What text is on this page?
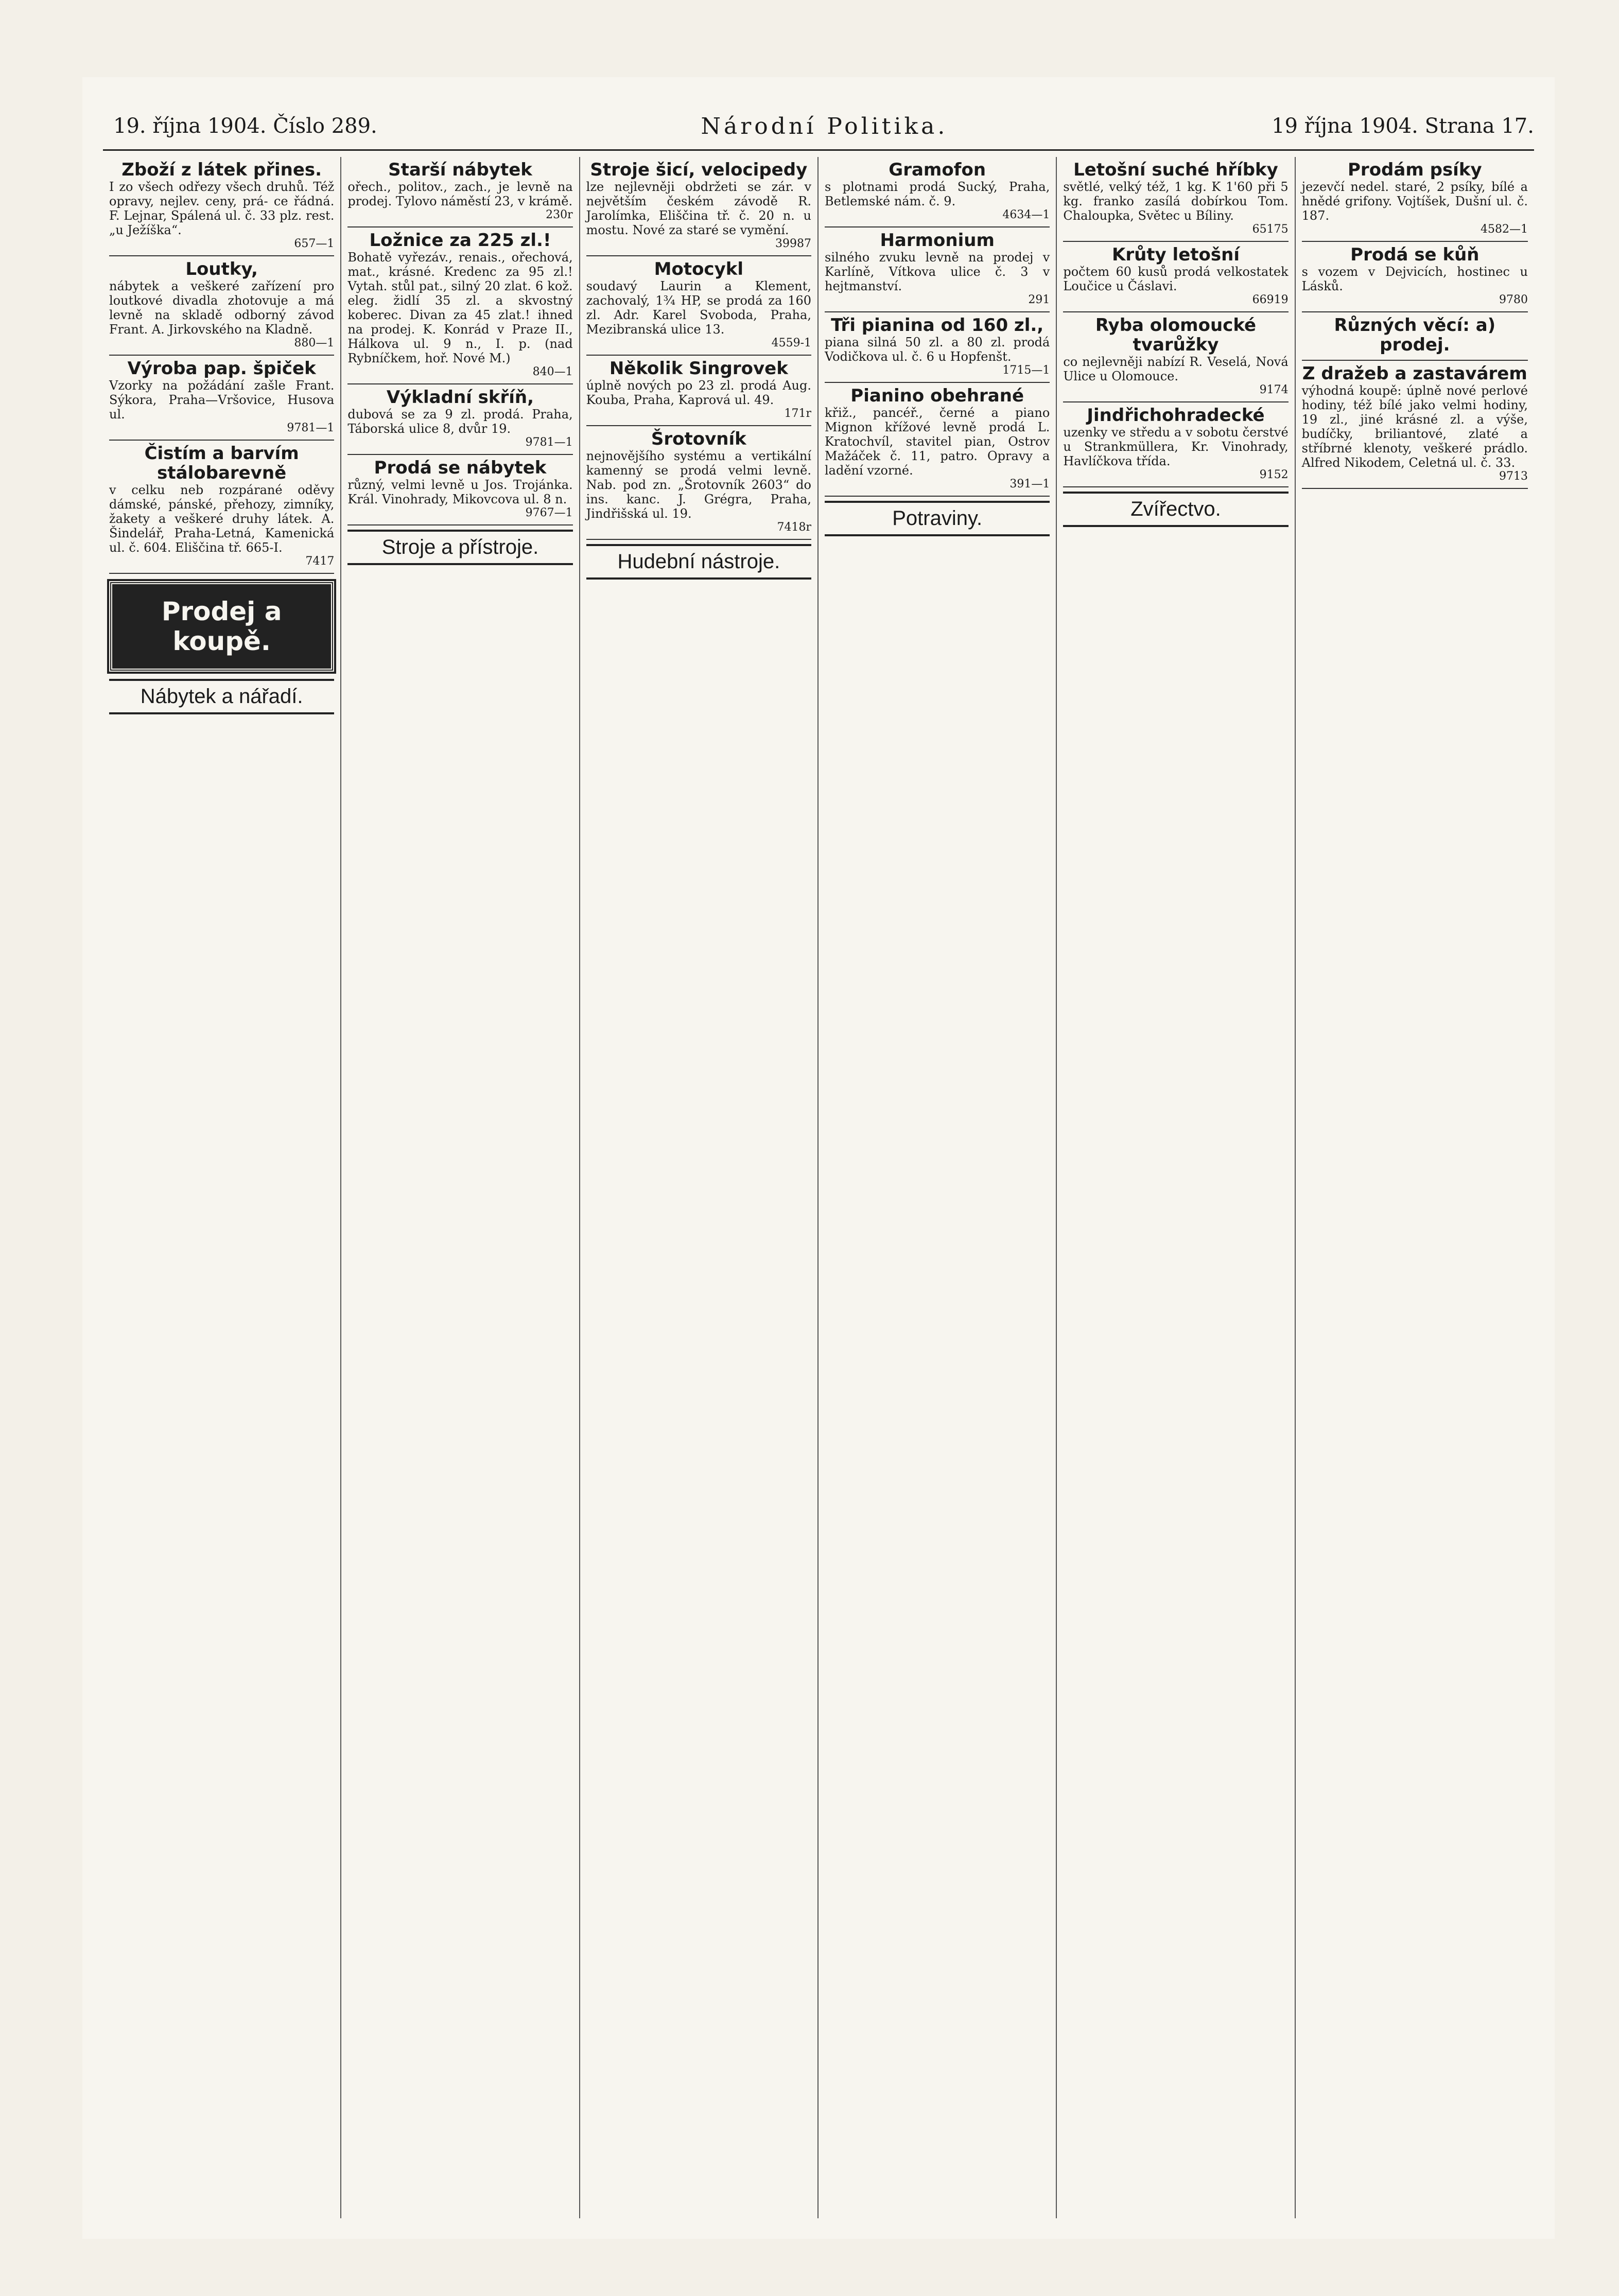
19. října 1904. Číslo 289.	Národní Politika.	19 října 1904. Strana 17.
Zboží z látek přines.
I zo všech odřezy všech druhů. Též opravy, nejlev. ceny, prá- ce řádná. F. Lejnar, Spálená ul. č. 33 plz. rest. „u Ježíška“.
657—1
Loutky,
nábytek a veškeré zařízení pro loutkové divadla zhotovuje a má levně na skladě odborný závod Frant. A. Jirkovského na Kladně.
880—1
Výroba pap. špiček
Vzorky na požádání zašle Frant. Sýkora, Praha—Vršovice, Husova ul.
9781—1
Čistím a barvím stálobarevně
v celku neb rozpárané oděvy dámské, pánské, přehozy, zimníky, žakety a veškeré druhy látek. A. Šindelář, Praha-Letná, Kamenická ul. č. 604. Eliščina tř. 665-I.
7417
Prodej a koupě.
Nábytek a nářadí.
Starší nábytek
ořech., politov., zach., je levně na prodej. Tylovo náměstí 23, v krámě.
230r
Ložnice za 225 zl.!
Bohatě vyřezáv., renais., ořechová, mat., krásné. Kredenc za 95 zl.! Vytah. stůl pat., silný 20 zlat. 6 kož. eleg. židlí 35 zl. a skvostný koberec. Divan za 45 zlat.! ihned na prodej. K. Konrád v Praze II., Hálkova ul. 9 n., I. p. (nad Rybníčkem, hoř. Nové M.)
840—1
Výkladní skříň,
dubová se za 9 zl. prodá. Praha, Táborská ulice 8, dvůr 19.
9781—1
Prodá se nábytek
různý, velmi levně u Jos. Trojánka. Král. Vinohrady, Mikovcova ul. 8 n.
9767—1
Stroje a přístroje.
Stroje šicí, velocipedy
lze nejlevněji obdržeti se zár. v největším českém závodě R. Jarolímka, Eliščina tř. č. 20 n. u mostu. Nové za staré se vymění.
39987
Motocykl
soudavý Laurin a Klement, zachovalý, 1¾ HP, se prodá za 160 zl. Adr. Karel Svoboda, Praha, Mezibranská ulice 13.
4559-1
Několik Singrovek
úplně nových po 23 zl. prodá Aug. Kouba, Praha, Kaprová ul. 49.
171r
Šrotovník
nejnovějšího systému a vertikální kamenný se prodá velmi levně. Nab. pod zn. „Šrotovník 2603“ do ins. kanc. J. Grégra, Praha, Jindřišská ul. 19.
7418r
Hudební nástroje.
Gramofon
s plotnami prodá Sucký, Praha, Betlemské nám. č. 9.
4634—1
Harmonium
silného zvuku levně na prodej v Karlíně, Vítkova ulice č. 3 v hejtmanství.
291
Tři pianina od 160 zl.,
piana silná 50 zl. a 80 zl. prodá Vodičkova ul. č. 6 u Hopfenšt.
1715—1
Pianino obehrané
křiž., pancéř., černé a piano Mignon křížové levně prodá L. Kratochvíl, stavitel pian, Ostrov Mažáček č. 11, patro. Opravy a ladění vzorné.
391—1
Potraviny.
Letošní suché hříbky
světlé, velký též, 1 kg. K 1'60 při 5 kg. franko zasílá dobírkou Tom. Chaloupka, Světec u Bíliny.
65175
Krůty letošní
počtem 60 kusů prodá velkostatek Loučice u Čáslavi.
66919
Ryba olomoucké tvarůžky
co nejlevněji nabízí R. Veselá, Nová Ulice u Olomouce.
9174
Jindřichohradecké
uzenky ve středu a v sobotu čerstvé u Strankmüllera, Kr. Vinohrady, Havlíčkova třída.
9152
Zvířectvo.
Prodám psíky
jezevčí nedel. staré, 2 psíky, bílé a hnědé grifony. Vojtíšek, Dušní ul. č. 187.
4582—1
Prodá se kůň
s vozem v Dejvicích, hostinec u Lásků.
9780
Různých věcí: a) prodej.
Z dražeb a zastavárem
výhodná koupě: úplně nové perlové hodiny, též bílé jako velmi hodiny, 19 zl., jiné krásné zl. a výše, budíčky, briliantové, zlaté a stříbrné klenoty, veškeré prádlo. Alfred Nikodem, Celetná ul. č. 33.
9713
